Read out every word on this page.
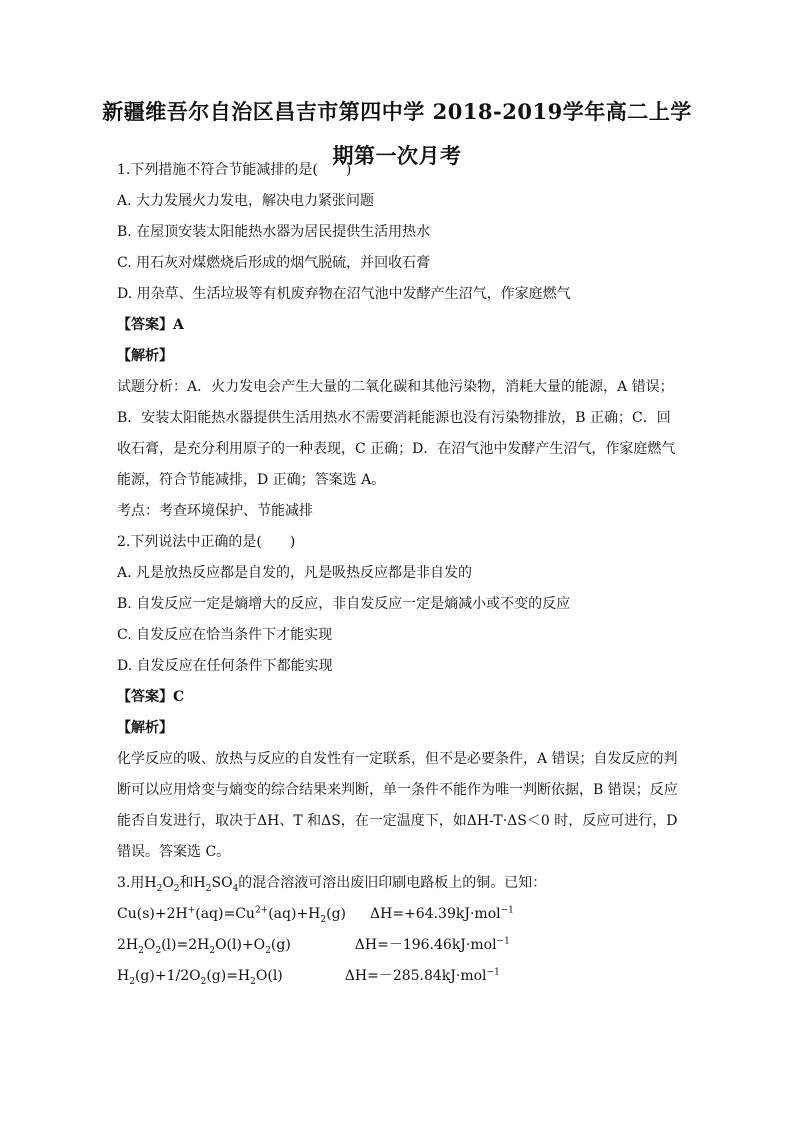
新疆维吾尔自治区昌吉市第四中学 2018-2019学年高二上学
期第一次月考
1.下列措施不符合节能减排的是(　　)
A. 大力发展火力发电，解决电力紧张问题
B. 在屋顶安装太阳能热水器为居民提供生活用热水
C. 用石灰对煤燃烧后形成的烟气脱硫，并回收石膏
D. 用杂草、生活垃圾等有机废弃物在沼气池中发酵产生沼气，作家庭燃气
【答案】A
【解析】
试题分析：A．火力发电会产生大量的二氧化碳和其他污染物，消耗大量的能源，A 错误；
B．安装太阳能热水器提供生活用热水不需要消耗能源也没有污染物排放，B 正确；C．回
收石膏，是充分利用原子的一种表现，C 正确；D．在沼气池中发酵产生沼气，作家庭燃气
能源，符合节能减排，D 正确；答案选 A。
考点：考查环境保护、节能减排
2.下列说法中正确的是(　　)
A. 凡是放热反应都是自发的，凡是吸热反应都是非自发的
B. 自发反应一定是熵增大的反应，非自发反应一定是熵减小或不变的反应
C. 自发反应在恰当条件下才能实现
D. 自发反应在任何条件下都能实现
【答案】C
【解析】
化学反应的吸、放热与反应的自发性有一定联系，但不是必要条件，A 错误；自发反应的判
断可以应用焓变与熵变的综合结果来判断，单一条件不能作为唯一判断依据，B 错误；反应
能否自发进行，取决于ΔH、T 和ΔS，在一定温度下，如ΔH-T·ΔS＜0 时，反应可进行，D
错误。答案选 C。
3.用$H_2O_2$和$H_2SO_4$的混合溶液可溶出废旧印刷电路板上的铜。已知：
$Cu(s)+2H^+(aq)=Cu^{2+}(aq)+H_2(g)$ ΔH=+64.39kJ·mol$^{-1}$
$2H_2O_2(l)=2H_2O(l)+O_2(g)$	ΔH=－196.46kJ·mol$^{-1}$
$H_2(g)+1/2O_2(g)=H_2O(l)$	ΔH=－285.84kJ·mol$^{-1}$
